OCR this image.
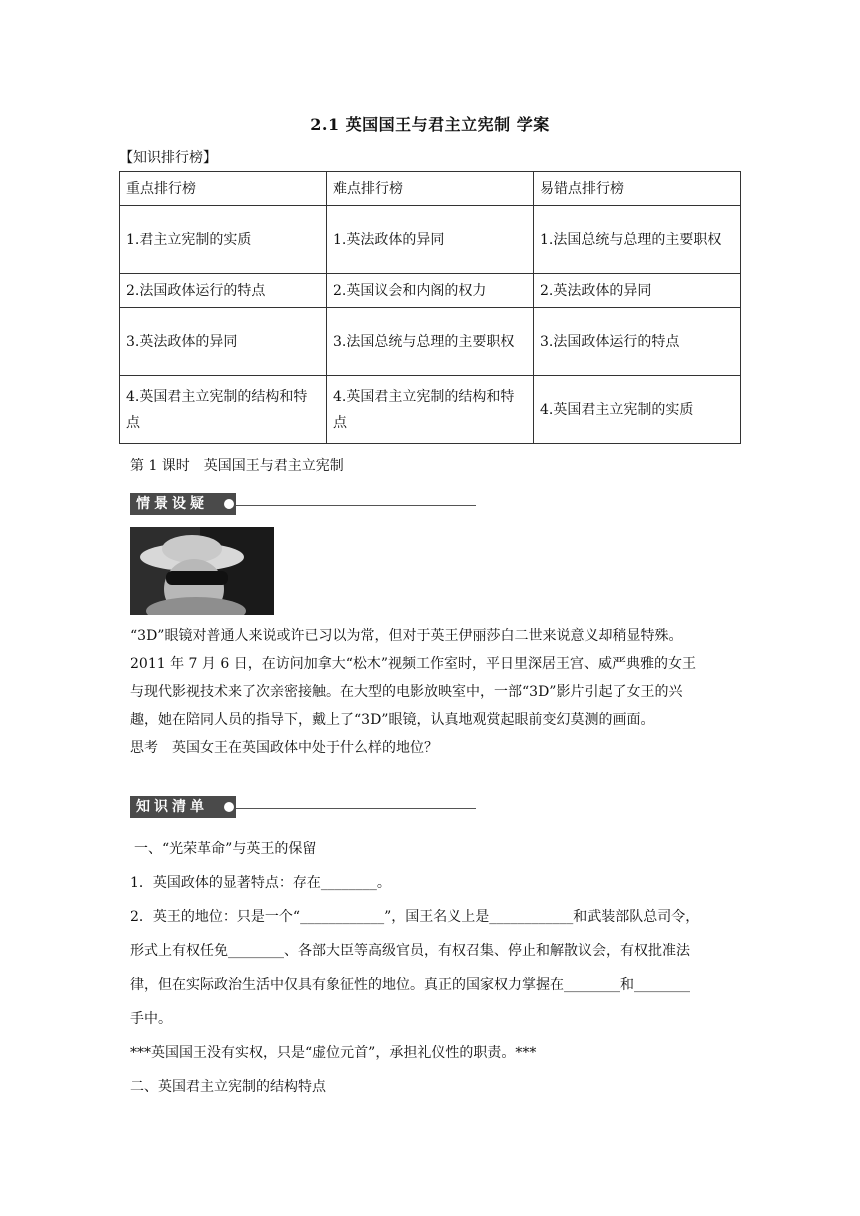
2.1 英国国王与君主立宪制 学案
【知识排行榜】
重点排行榜	难点排行榜	易错点排行榜
1.君主立宪制的实质	1.英法政体的异同	1.法国总统与总理的主要职权
2.法国政体运行的特点	2.英国议会和内阁的权力	2.英法政体的异同
3.英法政体的异同	3.法国总统与总理的主要职权	3.法国政体运行的特点
4.英国君主立宪制的结构和特点	4.英国君主立宪制的结构和特点	4.英国君主立宪制的实质
第 1 课时　英国国王与君主立宪制
情景设疑

“3D”眼镜对普通人来说或许已习以为常，但对于英王伊丽莎白二世来说意义却稍显特殊。

2011 年 7 月 6 日，在访问加拿大“松木”视频工作室时，平日里深居王宫、威严典雅的女王

与现代影视技术来了次亲密接触。在大型的电影放映室中，一部“3D”影片引起了女王的兴

趣，她在陪同人员的指导下，戴上了“3D”眼镜，认真地观赏起眼前变幻莫测的画面。

思考　英国女王在英国政体中处于什么样的地位？

知识清单

一、“光荣革命”与英王的保留

1．英国政体的显著特点：存在________。

2．英王的地位：只是一个“____________”，国王名义上是____________和武装部队总司令，

形式上有权任免________、各部大臣等高级官员，有权召集、停止和解散议会，有权批准法

律，但在实际政治生活中仅具有象征性的地位。真正的国家权力掌握在________和________

手中。

***英国国王没有实权，只是“虚位元首”，承担礼仪性的职责。***

二、英国君主立宪制的结构特点
